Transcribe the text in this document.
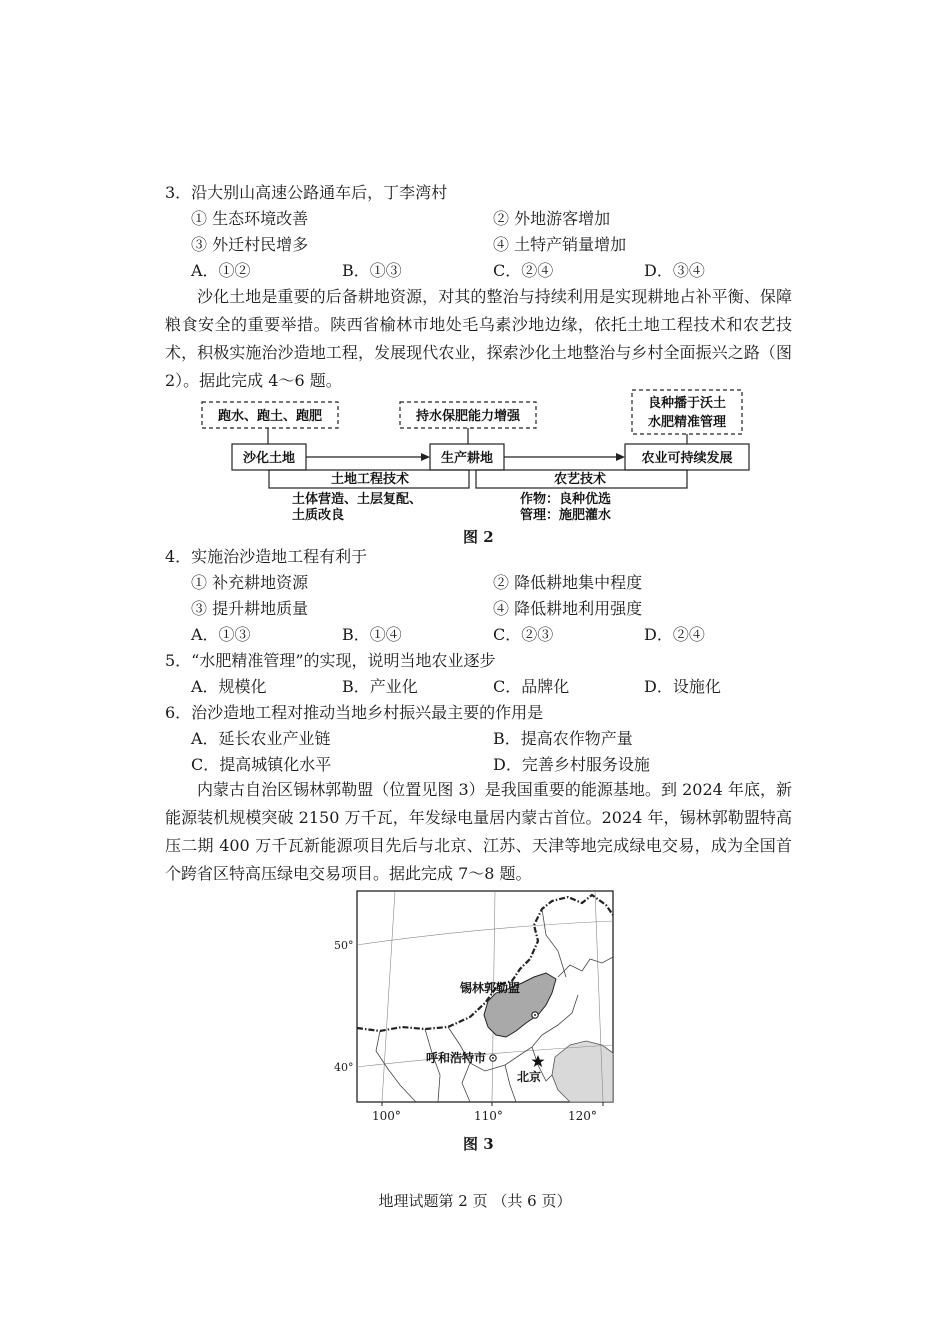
3．沿大别山高速公路通车后，丁李湾村
① 生态环境改善	② 外地游客增加
③ 外迁村民增多	④ 土特产销量增加
A．①②	B．①③	C．②④	D．③④
沙化土地是重要的后备耕地资源，对其的整治与持续利用是实现耕地占补平衡、保障粮食安全的重要举措。陕西省榆林市地处毛乌素沙地边缘，依托土地工程技术和农艺技术，积极实施治沙造地工程，发展现代农业，探索沙化土地整治与乡村全面振兴之路（图 2）。据此完成 4～6 题。
跑水、跑土、跑肥	持水保肥能力增强
良种播于沃土
水肥精准管理
沙化土地	生产耕地	农业可持续发展
土地工程技术	农艺技术
土体营造、土层复配、
土质改良
作物：良种优选
管理：施肥灌水
图 2
4．实施治沙造地工程有利于
① 补充耕地资源	② 降低耕地集中程度
③ 提升耕地质量	④ 降低耕地利用强度
A．①③	B．①④	C．②③	D．②④
5．“水肥精准管理”的实现，说明当地农业逐步
A．规模化	B．产业化	C．品牌化	D．设施化
6．治沙造地工程对推动当地乡村振兴最主要的作用是
A．延长农业产业链	B．提高农作物产量
C．提高城镇化水平	D．完善乡村服务设施
内蒙古自治区锡林郭勒盟（位置见图 3）是我国重要的能源基地。到 2024 年底，新能源装机规模突破 2150 万千瓦，年发绿电量居内蒙古首位。2024 年，锡林郭勒盟特高压二期 400 万千瓦新能源项目先后与北京、江苏、天津等地完成绿电交易，成为全国首个跨省区特高压绿电交易项目。据此完成 7～8 题。
锡林郭勒盟
呼和浩特市
北京
50°
40°
100°	110°	120°
图 3
地理试题第 2 页 （共 6 页）
